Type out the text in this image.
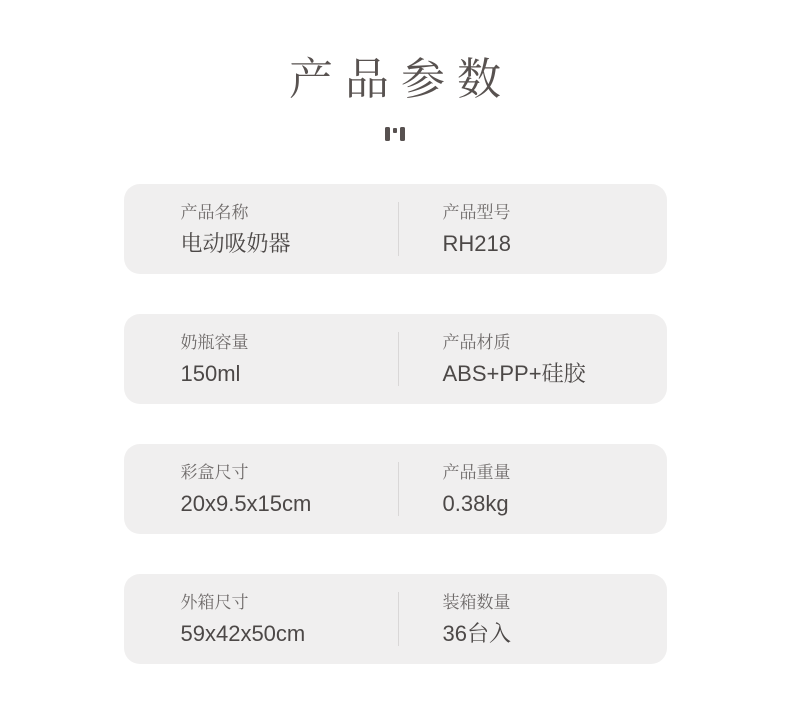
产品参数
产品名称
电动吸奶器
产品型号
RH218
奶瓶容量
150ml
产品材质
ABS+PP+硅胶
彩盒尺寸
20x9.5x15cm
产品重量
0.38kg
外箱尺寸
59x42x50cm
装箱数量
36台入
